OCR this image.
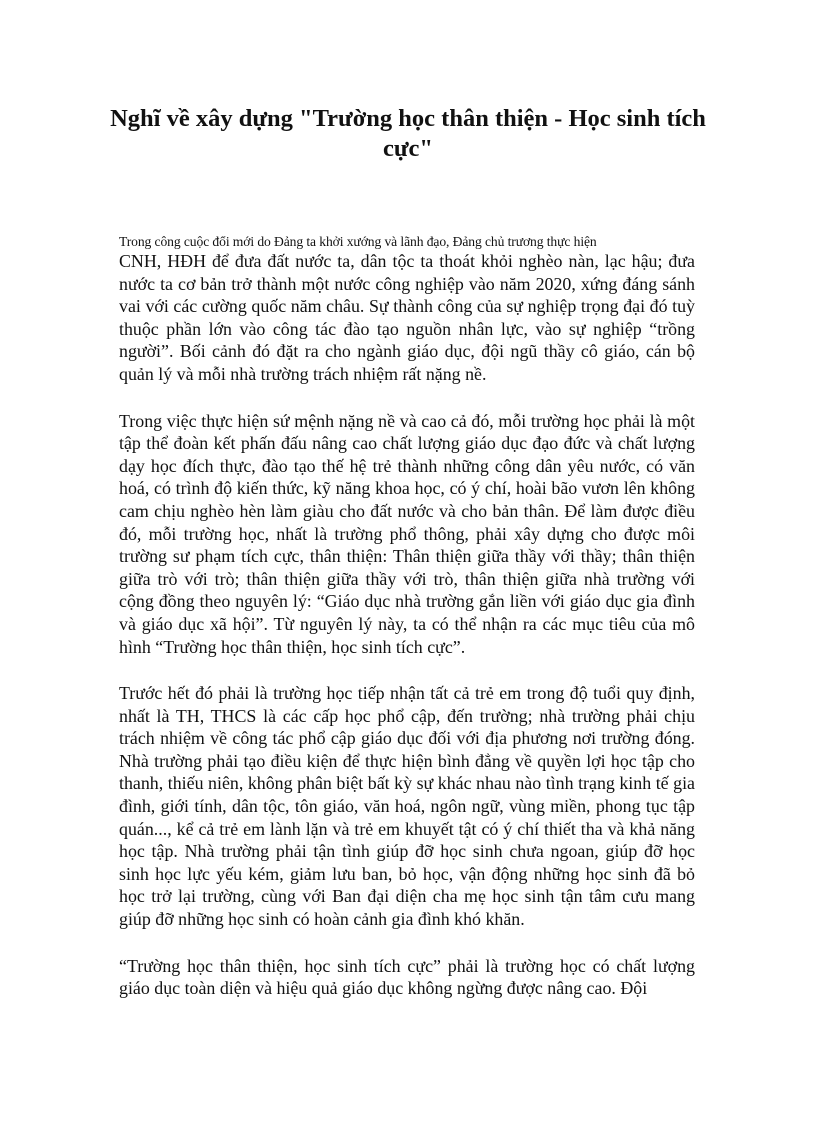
Nghĩ về xây dựng "Trường học thân thiện - Học sinh tích cực"

Trong công cuộc đổi mới do Đảng ta khởi xướng và lãnh đạo, Đảng chủ trương thực hiện

CNH, HĐH để đưa đất nước ta, dân tộc ta thoát khỏi nghèo nàn, lạc hậu; đưa nước ta cơ bản trở thành một nước công nghiệp vào năm 2020, xứng đáng sánh vai với các cường quốc năm châu. Sự thành công của sự nghiệp trọng đại đó tuỳ thuộc phần lớn vào công tác đào tạo nguồn nhân lực, vào sự nghiệp “trồng người”. Bối cảnh đó đặt ra cho ngành giáo dục, đội ngũ thầy cô giáo, cán bộ quản lý và mỗi nhà trường trách nhiệm rất nặng nề.

Trong việc thực hiện sứ mệnh nặng nề và cao cả đó, mỗi trường học phải là một tập thể đoàn kết phấn đấu nâng cao chất lượng giáo dục đạo đức và chất lượng dạy học đích thực, đào tạo thế hệ trẻ thành những công dân yêu nước, có văn hoá, có trình độ kiến thức, kỹ năng khoa học, có ý chí, hoài bão vươn lên không cam chịu nghèo hèn làm giàu cho đất nước và cho bản thân. Để làm được điều đó, mỗi trường học, nhất là trường phổ thông, phải xây dựng cho được môi trường sư phạm tích cực, thân thiện: Thân thiện giữa thầy với thầy; thân thiện giữa trò với trò; thân thiện giữa thầy với trò, thân thiện giữa nhà trường với cộng đồng theo nguyên lý: “Giáo dục nhà trường gắn liền với giáo dục gia đình và giáo dục xã hội”. Từ nguyên lý này, ta có thể nhận ra các mục tiêu của mô hình “Trường học thân thiện, học sinh tích cực”.

Trước hết đó phải là trường học tiếp nhận tất cả trẻ em trong độ tuổi quy định, nhất là TH, THCS là các cấp học phổ cập, đến trường; nhà trường phải chịu trách nhiệm về công tác phổ cập giáo dục đối với địa phương nơi trường đóng. Nhà trường phải tạo điều kiện để thực hiện bình đẳng về quyền lợi học tập cho thanh, thiếu niên, không phân biệt bất kỳ sự khác nhau nào tình trạng kinh tế gia đình, giới tính, dân tộc, tôn giáo, văn hoá, ngôn ngữ, vùng miền, phong tục tập quán..., kể cả trẻ em lành lặn và trẻ em khuyết tật có ý chí thiết tha và khả năng học tập. Nhà trường phải tận tình giúp đỡ học sinh chưa ngoan, giúp đỡ học sinh học lực yếu kém, giảm lưu ban, bỏ học, vận động những học sinh đã bỏ học trở lại trường, cùng với Ban đại diện cha mẹ học sinh tận tâm cưu mang giúp đỡ những học sinh có hoàn cảnh gia đình khó khăn.

“Trường học thân thiện, học sinh tích cực” phải là trường học có chất lượng giáo dục toàn diện và hiệu quả giáo dục không ngừng được nâng cao. Đội
